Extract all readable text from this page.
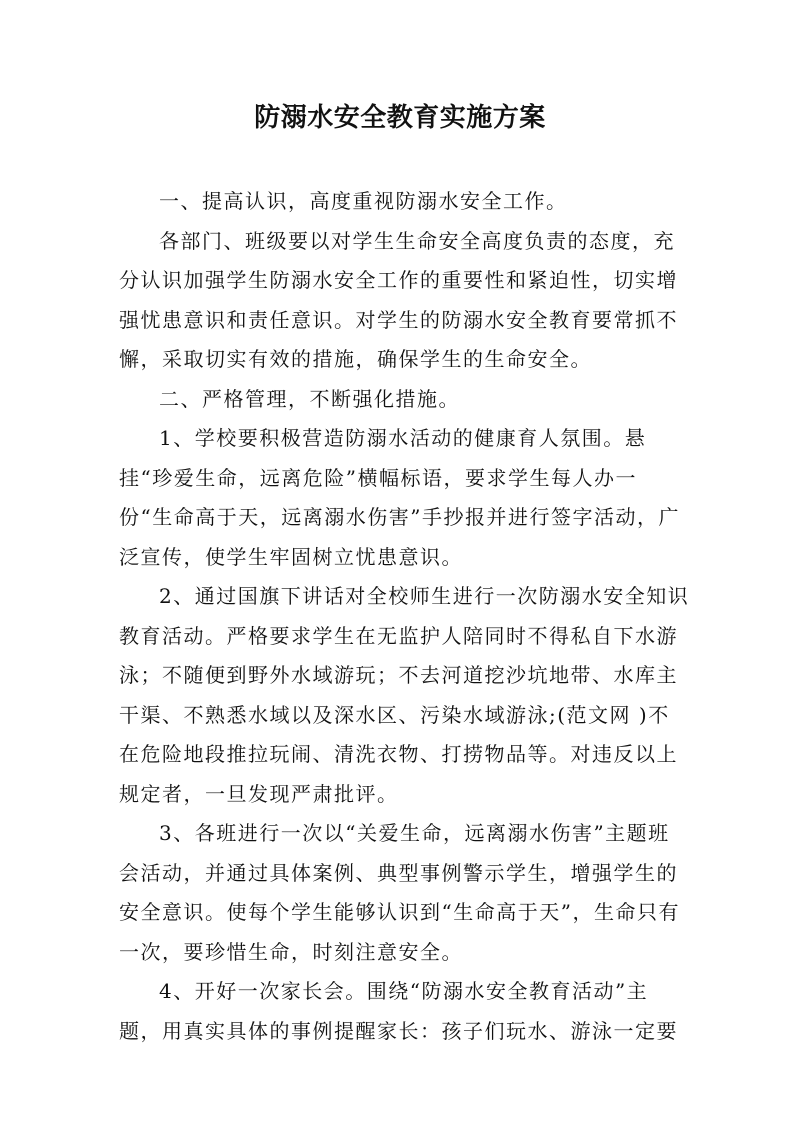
防溺水安全教育实施方案

一、提高认识，高度重视防溺水安全工作。

各部门、班级要以对学生生命安全高度负责的态度，充分认识加强学生防溺水安全工作的重要性和紧迫性，切实增强忧患意识和责任意识。对学生的防溺水安全教育要常抓不懈，采取切实有效的措施，确保学生的生命安全。

二、严格管理，不断强化措施。

1、学校要积极营造防溺水活动的健康育人氛围。悬挂“珍爱生命，远离危险”横幅标语，要求学生每人办一份“生命高于天，远离溺水伤害”手抄报并进行签字活动，广泛宣传，使学生牢固树立忧患意识。

2、通过国旗下讲话对全校师生进行一次防溺水安全知识教育活动。严格要求学生在无监护人陪同时不得私自下水游泳；不随便到野外水域游玩；不去河道挖沙坑地带、水库主干渠、不熟悉水域以及深水区、污染水域游泳;(范文网 )不在危险地段推拉玩闹、清洗衣物、打捞物品等。对违反以上规定者，一旦发现严肃批评。

3、各班进行一次以“关爱生命，远离溺水伤害”主题班会活动，并通过具体案例、典型事例警示学生，增强学生的安全意识。使每个学生能够认识到“生命高于天”，生命只有一次，要珍惜生命，时刻注意安全。

4、开好一次家长会。围绕“防溺水安全教育活动”主题，用真实具体的事例提醒家长：孩子们玩水、游泳一定要
